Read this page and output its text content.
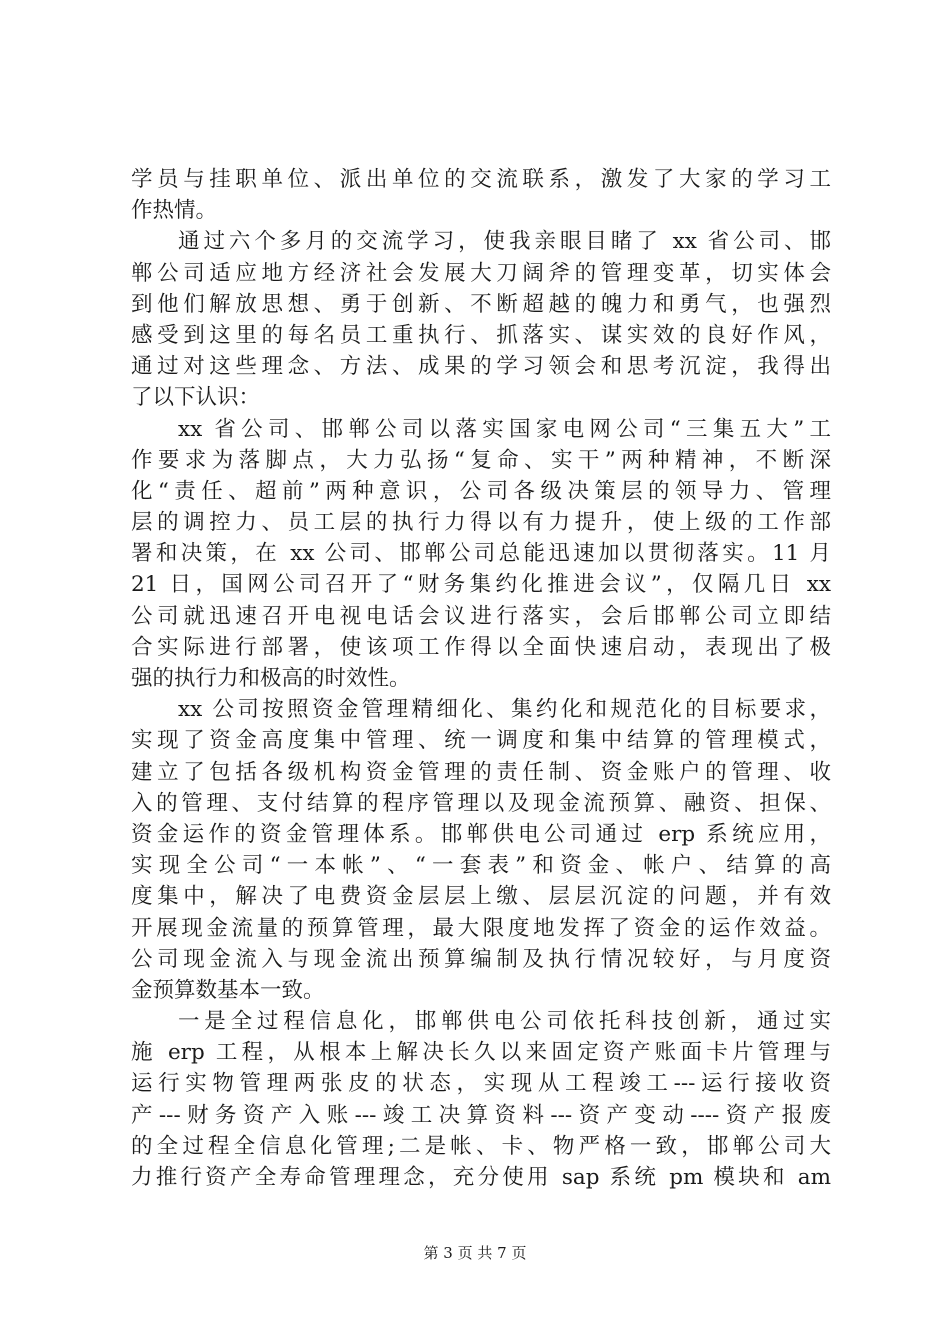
学员与挂职单位、派出单位的交流联系，激发了大家的学习工
作热情。
通过六个多月的交流学习，使我亲眼目睹了 xx 省公司、邯
郸公司适应地方经济社会发展大刀阔斧的管理变革，切实体会
到他们解放思想、勇于创新、不断超越的魄力和勇气，也强烈
感受到这里的每名员工重执行、抓落实、谋实效的良好作风，
通过对这些理念、方法、成果的学习领会和思考沉淀，我得出
了以下认识：
xx 省公司、邯郸公司以落实国家电网公司“三集五大”工
作要求为落脚点，大力弘扬“复命、实干”两种精神，不断深
化“责任、超前”两种意识，公司各级决策层的领导力、管理
层的调控力、员工层的执行力得以有力提升，使上级的工作部
署和决策，在 xx 公司、邯郸公司总能迅速加以贯彻落实。11 月
21 日，国网公司召开了“财务集约化推进会议”，仅隔几日 xx
公司就迅速召开电视电话会议进行落实，会后邯郸公司立即结
合实际进行部署，使该项工作得以全面快速启动，表现出了极
强的执行力和极高的时效性。
xx 公司按照资金管理精细化、集约化和规范化的目标要求，
实现了资金高度集中管理、统一调度和集中结算的管理模式，
建立了包括各级机构资金管理的责任制、资金账户的管理、收
入的管理、支付结算的程序管理以及现金流预算、融资、担保、
资金运作的资金管理体系。邯郸供电公司通过 erp 系统应用，
实现全公司“一本帐”、“一套表”和资金、帐户、结算的高
度集中，解决了电费资金层层上缴、层层沉淀的问题，并有效
开展现金流量的预算管理，最大限度地发挥了资金的运作效益。
公司现金流入与现金流出预算编制及执行情况较好，与月度资
金预算数基本一致。
一是全过程信息化，邯郸供电公司依托科技创新，通过实
施 erp 工程，从根本上解决长久以来固定资产账面卡片管理与
运行实物管理两张皮的状态，实现从工程竣工---运行接收资
产---财务资产入账---竣工决算资料---资产变动----资产报废
的全过程全信息化管理;二是帐、卡、物严格一致，邯郸公司大
力推行资产全寿命管理理念，充分使用 sap 系统 pm 模块和 am
第 3 页 共 7 页
